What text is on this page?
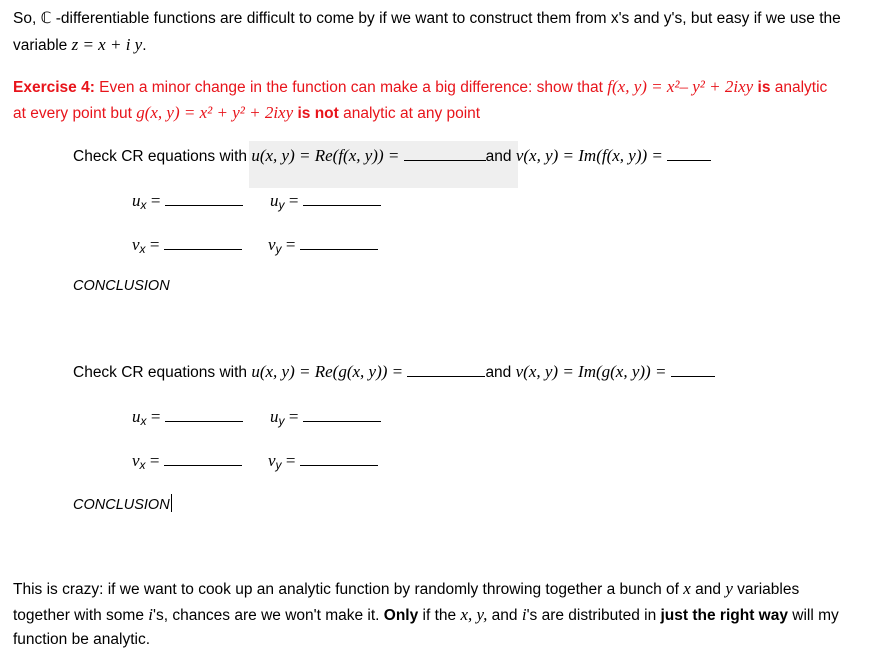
So, ℂ -differentiable functions are difficult to come by if we want to construct them from x's and y's, but easy if we use the
variable z = x + i y.
Exercise 4: Even a minor change in the function can make a big difference: show that f(x, y) = x²– y² + 2ixy is analytic
at every point but g(x, y) = x² + y² + 2ixy is not analytic at any point
Check CR equations with u(x, y) = Re(f(x, y)) =	and v(x, y) = Im(f(x, y)) =
$u_x$ =	$u_y$ =
$v_x$ =	$v_y$ =
CONCLUSION
Check CR equations with u(x, y) = Re(g(x, y)) =	and v(x, y) = Im(g(x, y)) =
$u_x$ =	$u_y$ =
$v_x$ =	$v_y$ =
CONCLUSION
This is crazy: if we want to cook up an analytic function by randomly throwing together a bunch of x and y variables
together with some i's, chances are we won't make it. Only if the x, y, and i's are distributed in just the right way will my
function be analytic.
